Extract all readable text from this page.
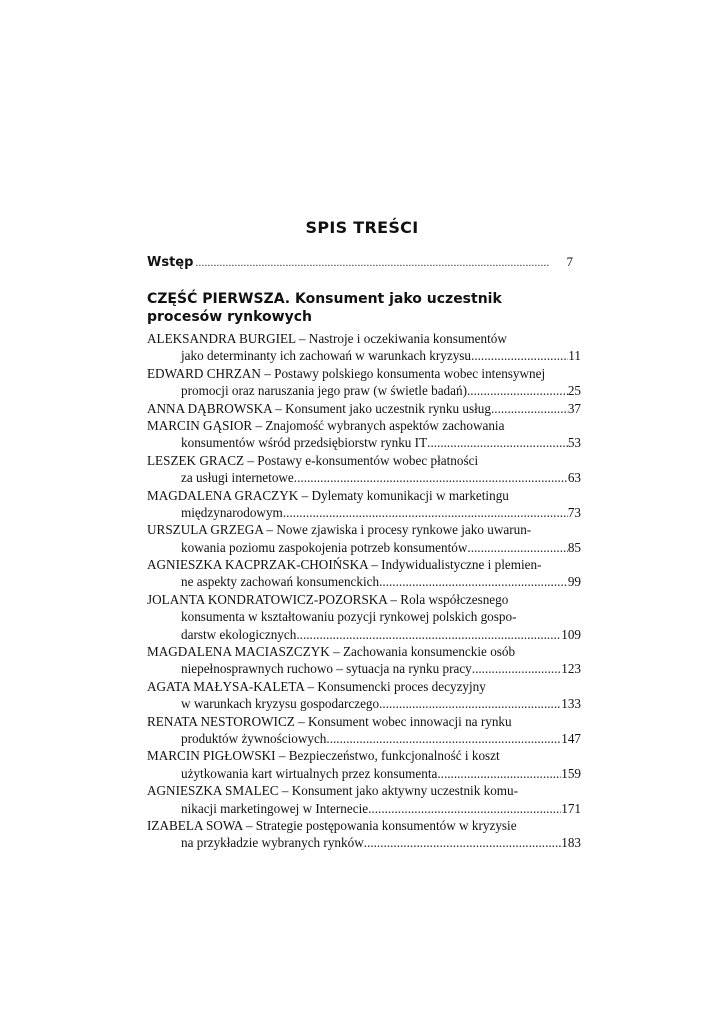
SPIS TREŚCI
Wstęp .....	7
CZĘŚĆ PIERWSZA. Konsument jako uczestnik
procesów rynkowych
ALEKSANDRA BURGIEL – Nastroje i oczekiwania konsumentów
jako determinanty ich zachowań w warunkach kryzysu .....	11
EDWARD CHRZAN – Postawy polskiego konsumenta wobec intensywnej
promocji oraz naruszania jego praw (w świetle badań) .....	25
ANNA DĄBROWSKA – Konsument jako uczestnik rynku usług .....	37
MARCIN GĄSIOR – Znajomość wybranych aspektów zachowania
konsumentów wśród przedsiębiorstw rynku IT .....	53
LESZEK GRACZ – Postawy e-konsumentów wobec płatności
za usługi internetowe .....	63
MAGDALENA GRACZYK – Dylematy komunikacji w marketingu
międzynarodowym .....	73
URSZULA GRZEGA – Nowe zjawiska i procesy rynkowe jako uwarun-
kowania poziomu zaspokojenia potrzeb konsumentów .....	85
AGNIESZKA KACPRZAK-CHOIŃSKA – Indywidualistyczne i plemien-
ne aspekty zachowań konsumenckich .....	99
JOLANTA KONDRATOWICZ-POZORSKA – Rola współczesnego
konsumenta w kształtowaniu pozycji rynkowej polskich gospo-
darstw ekologicznych .....	109
MAGDALENA MACIASZCZYK – Zachowania konsumenckie osób
niepełnosprawnych ruchowo – sytuacja na rynku pracy .....	123
AGATA MAŁYSA-KALETA – Konsumencki proces decyzyjny
w warunkach kryzysu gospodarczego .....	133
RENATA NESTOROWICZ – Konsument wobec innowacji na rynku
produktów żywnościowych .....	147
MARCIN PIGŁOWSKI – Bezpieczeństwo, funkcjonalność i koszt
użytkowania kart wirtualnych przez konsumenta .....	159
AGNIESZKA SMALEC – Konsument jako aktywny uczestnik komu-
nikacji marketingowej w Internecie .....	171
IZABELA SOWA – Strategie postępowania konsumentów w kryzysie
na przykładzie wybranych rynków .....	183
